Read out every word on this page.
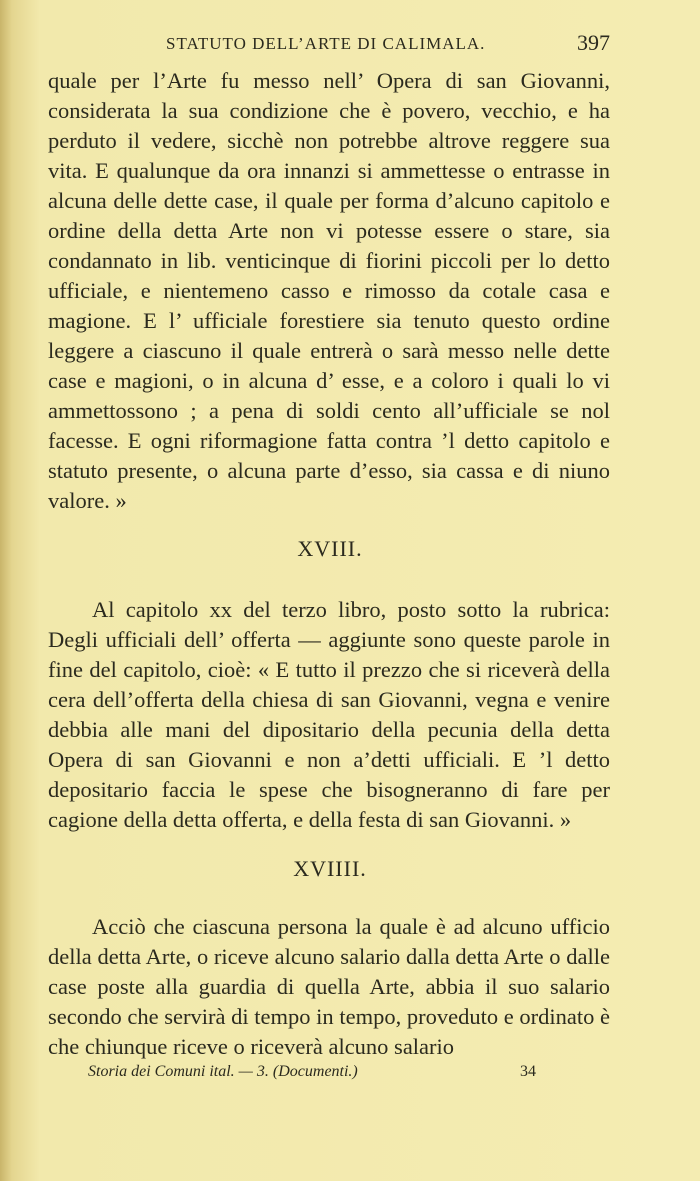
STATUTO DELL’ARTE DI CALIMALA.	397
quale per l’Arte fu messo nell’ Opera di san Giovanni, considerata la sua condizione che è povero, vecchio, e ha perduto il vedere, sicchè non potrebbe altrove reggere sua vita. E qualunque da ora innanzi si ammettesse o entrasse in alcuna delle dette case, il quale per forma d’alcuno capitolo e ordine della detta Arte non vi potesse essere o stare, sia condannato in lib. venticinque di fiorini piccoli per lo detto ufficiale, e nientemeno casso e rimosso da cotale casa e magione. E l’ ufficiale forestiere sia tenuto questo ordine leggere a ciascuno il quale entrerà o sarà messo nelle dette case e magioni, o in alcuna d’ esse, e a coloro i quali lo vi ammettossono ; a pena di soldi cento all’ufficiale se nol facesse. E ogni riformagione fatta contra ’l detto capitolo e statuto presente, o alcuna parte d’esso, sia cassa e di niuno valore. »
XVIII.
Al capitolo xx del terzo libro, posto sotto la rubrica: Degli ufficiali dell’ offerta — aggiunte sono queste parole in fine del capitolo, cioè: « E tutto il prezzo che si riceverà della cera dell’offerta della chiesa di san Giovanni, vegna e venire debbia alle mani del dipositario della pecunia della detta Opera di san Giovanni e non a’detti ufficiali. E ’l detto depositario faccia le spese che bisogneranno di fare per cagione della detta offerta, e della festa di san Giovanni. »
XVIIII.
Acciò che ciascuna persona la quale è ad alcuno ufficio della detta Arte, o riceve alcuno salario dalla detta Arte o dalle case poste alla guardia di quella Arte, abbia il suo salario secondo che servirà di tempo in tempo, proveduto e ordinato è che chiunque riceve o riceverà alcuno salario
Storia dei Comuni ital. — 3. (Documenti.)	34
